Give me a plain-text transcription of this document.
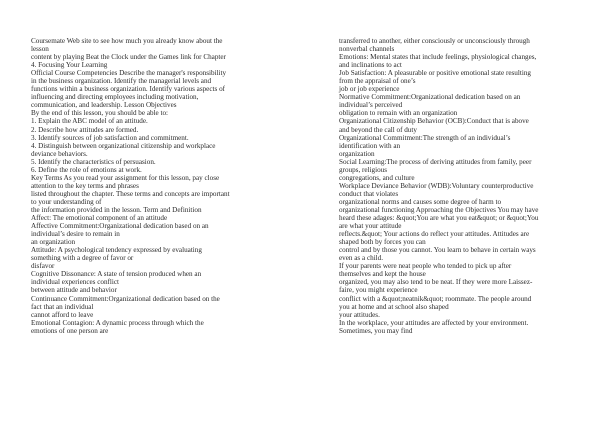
Coursemate Web site to see how much you already know about the
lesson
content by playing Beat the Clock under the Games link for Chapter
4. Focusing Your Learning
Official Course Competencies Describe the manager's responsibility
in the business organization. Identify the managerial levels and
functions within a business organization. Identify various aspects of
influencing and directing employees including motivation,
communication, and leadership. Lesson Objectives
By the end of this lesson, you should be able to:
1. Explain the ABC model of an attitude.
2. Describe how attitudes are formed.
3. Identify sources of job satisfaction and commitment.
4. Distinguish between organizational citizenship and workplace
deviance behaviors.
5. Identify the characteristics of persuasion.
6. Define the role of emotions at work.
Key Terms As you read your assignment for this lesson, pay close
attention to the key terms and phrases
listed throughout the chapter. These terms and concepts are important
to your understanding of
the information provided in the lesson. Term and Definition
Affect: The emotional component of an attitude
Affective Commitment:Organizational dedication based on an
individual’s desire to remain in
an organization
Attitude: A psychological tendency expressed by evaluating
something with a degree of favor or
disfavor
Cognitive Dissonance: A state of tension produced when an
individual experiences conflict
between attitude and behavior
Continuance Commitment:Organizational dedication based on the
fact that an individual
cannot afford to leave
Emotional Contagion: A dynamic process through which the
emotions of one person are
transferred to another, either consciously or unconsciously through
nonverbal channels
Emotions: Mental states that include feelings, physiological changes,
and inclinations to act
Job Satisfaction: A pleasurable or positive emotional state resulting
from the appraisal of one’s
job or job experience
Normative Commitment:Organizational dedication based on an
individual’s perceived
obligation to remain with an organization
Organizational Citizenship Behavior (OCB):Conduct that is above
and beyond the call of duty
Organizational Commitment:The strength of an individual’s
identification with an
organization
Social Learning:The process of deriving attitudes from family, peer
groups, religious
congregations, and culture
Workplace Deviance Behavior (WDB):Voluntary counterproductive
conduct that violates
organizational norms and causes some degree of harm to
organizational functioning Approaching the Objectives You may have
heard these adages: &quot;You are what you eat&quot; or &quot;You
are what your attitude
reflects.&quot; Your actions do reflect your attitudes. Attitudes are
shaped both by forces you can
control and by those you cannot. You learn to behave in certain ways
even as a child.
If your parents were neat people who tended to pick up after
themselves and kept the house
organized, you may also tend to be neat. If they were more Laissez-
faire, you might experience
conflict with a &quot;neatnik&quot; roommate. The people around
you at home and at school also shaped
your attitudes.
In the workplace, your attitudes are affected by your environment.
Sometimes, you may find
